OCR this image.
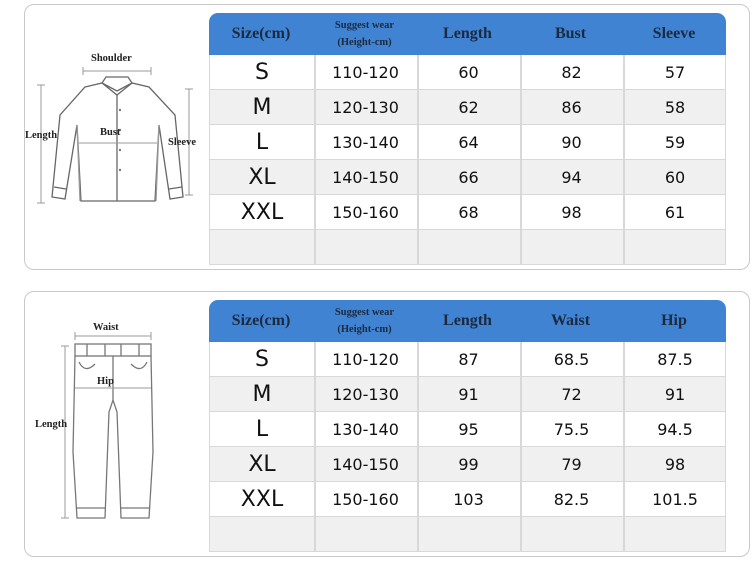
Shoulder
Length	Bust
Sleeve
Size(cm)	Suggest wear
(Height-cm)
Length	Bust	Sleeve
S	110-120	60	82	57
M	120-130	62	86	58
L	130-140	64	90	59
XL	140-150	66	94	60
XXL	150-160	68	98	61
Waist
Hip
Length
Size(cm)	Suggest wear
(Height-cm)
Length	Waist	Hip
S	110-120	87	68.5	87.5
M	120-130	91	72	91
L	130-140	95	75.5	94.5
XL	140-150	99	79	98
XXL	150-160	103	82.5	101.5
